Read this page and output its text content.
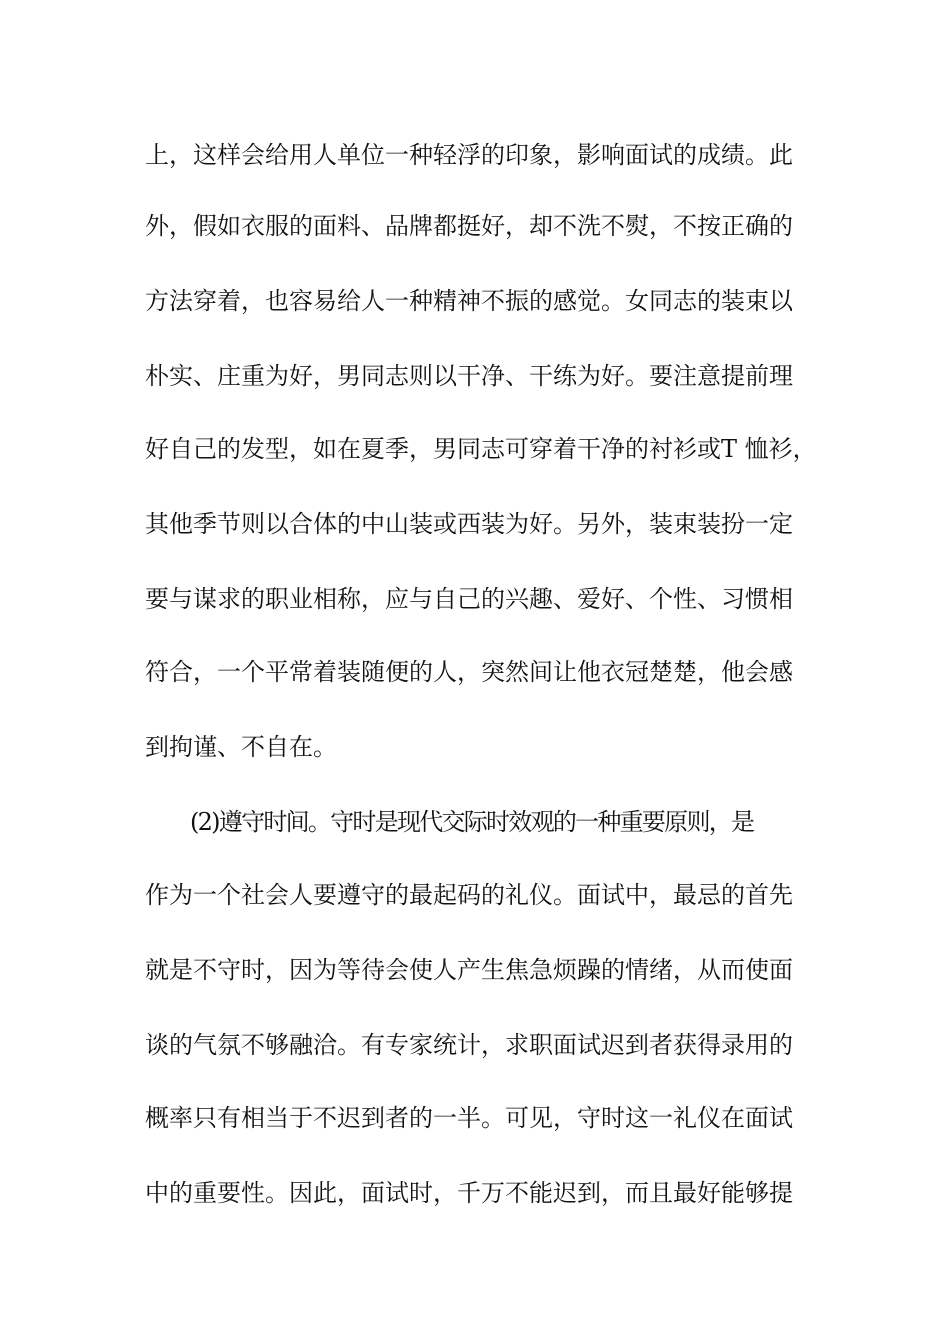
上，这样会给用人单位一种轻浮的印象，影响面试的成绩。此
外，假如衣服的面料、品牌都挺好，却不洗不熨，不按正确的
方法穿着，也容易给人一种精神不振的感觉。女同志的装束以
朴实、庄重为好，男同志则以干净、干练为好。要注意提前理
好自己的发型，如在夏季，男同志可穿着干净的衬衫或T 恤衫，
其他季节则以合体的中山装或西装为好。另外，装束装扮一定
要与谋求的职业相称，应与自己的兴趣、爱好、个性、习惯相
符合，一个平常着装随便的人，突然间让他衣冠楚楚，他会感
到拘谨、不自在。
(2)遵守时间。守时是现代交际时效观的一种重要原则，是
作为一个社会人要遵守的最起码的礼仪。面试中，最忌的首先
就是不守时，因为等待会使人产生焦急烦躁的情绪，从而使面
谈的气氛不够融洽。有专家统计，求职面试迟到者获得录用的
概率只有相当于不迟到者的一半。可见，守时这一礼仪在面试
中的重要性。因此，面试时，千万不能迟到，而且最好能够提
